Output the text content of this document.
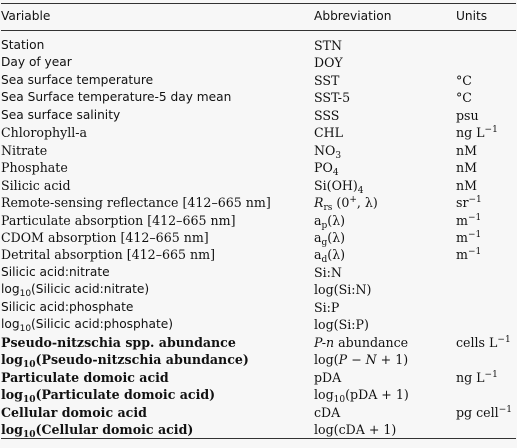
Variable	Abbreviation	Units
Station	STN	
Day of year	DOY	
Sea surface temperature	SST	°C
Sea Surface temperature-5 day mean	SST-5	°C
Sea surface salinity	SSS	psu
Chlorophyll-a	CHL	ng $L^{-1}$
Nitrate	$NO_3$	nM
Phosphate	$PO_4$	nM
Silicic acid	$Si(OH)_4$	nM
Remote-sensing reflectance [412–665 nm]	$R_{rs}$ (0+, λ)	$sr^{-1}$
Particulate absorption [412–665 nm]	$a_p(\lambda)$	$m^{-1}$
CDOM absorption [412–665 nm]	$a_g(\lambda)$	$m^{-1}$
Detrital absorption [412–665 nm]	$a_d(\lambda)$	$m^{-1}$
Silicic acid:nitrate	Si:N	
$\log_{10}(Silicic$ acid:nitrate)	log(Si:N)	
Silicic acid:phosphate	Si:P	
$\log_{10}(Silicic$ acid:phosphate)	log(Si:P)	
Pseudo-nitzschia spp. abundance	P-n abundance	cells $L^{-1}$
$\log_{10}(Pseudo$-nitzschia abundance)	log(P − N + 1)	
Particulate domoic acid	pDA	ng $L^{-1}$
$\log_{10}(Particulate$ domoic acid)	$\log_{10}(pDA + 1)$	
Cellular domoic acid	cDA	pg cell$^{-1}$
$\log_{10}(Cellular$ domoic acid)	log(cDA + 1)	
